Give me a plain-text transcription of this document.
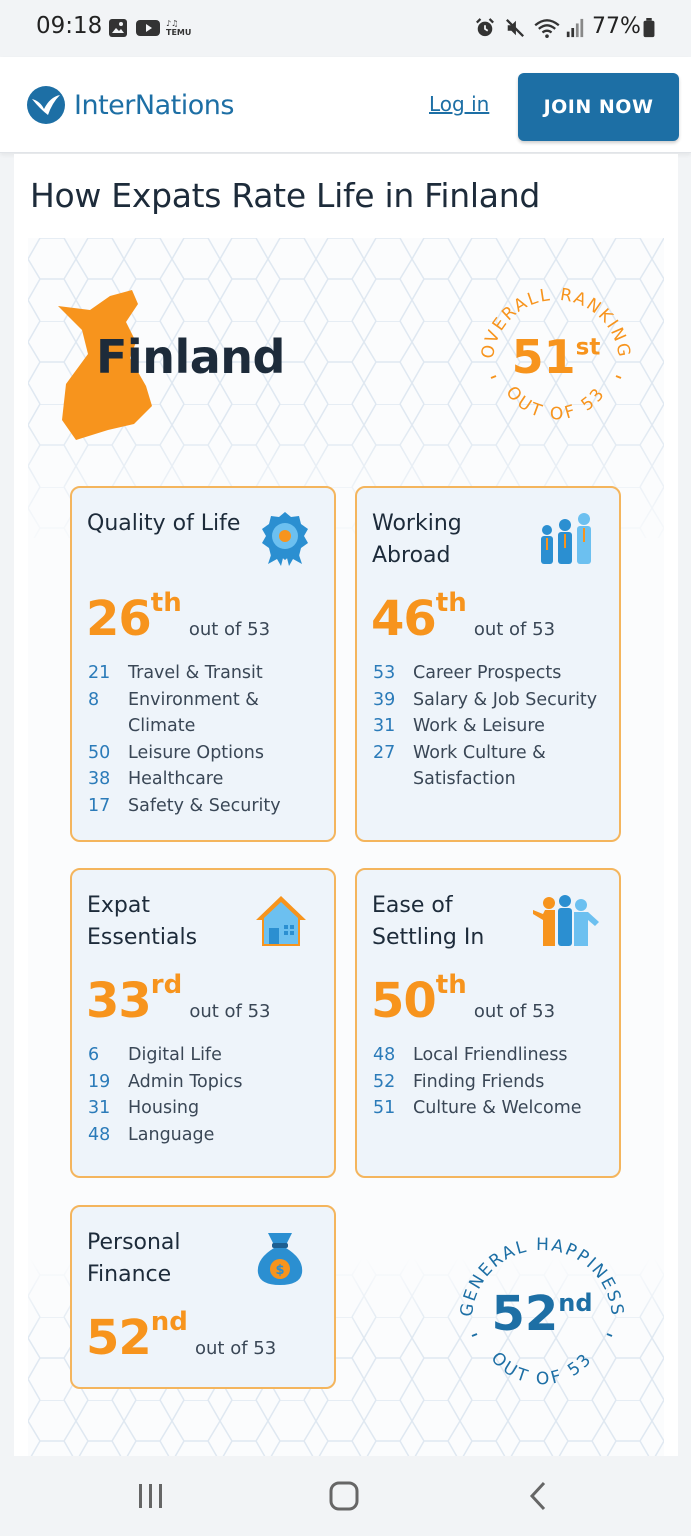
09:18	♪♫
TEMU	77%
InterNations	Log in	JOIN NOW
How Expats Rate Life in Finland
Finland	OVERALL RANKING
OUT OF 53
51st
Quality of Life
26th out of 53
21	Travel & Transit
8	Environment & Climate
50	Leisure Options
38	Healthcare
17	Safety & Security
Working Abroad
46th out of 53
53	Career Prospects
39	Salary & Job Security
31	Work & Leisure
27	Work Culture & Satisfaction
Expat Essentials
33rd out of 53
6	Digital Life
19	Admin Topics
31	Housing
48	Language
Ease of Settling In
50th out of 53
48	Local Friendliness
52	Finding Friends
51	Culture & Welcome
Personal Finance	$
52nd out of 53
GENERAL HAPPINESS
OUT OF 53
52nd
